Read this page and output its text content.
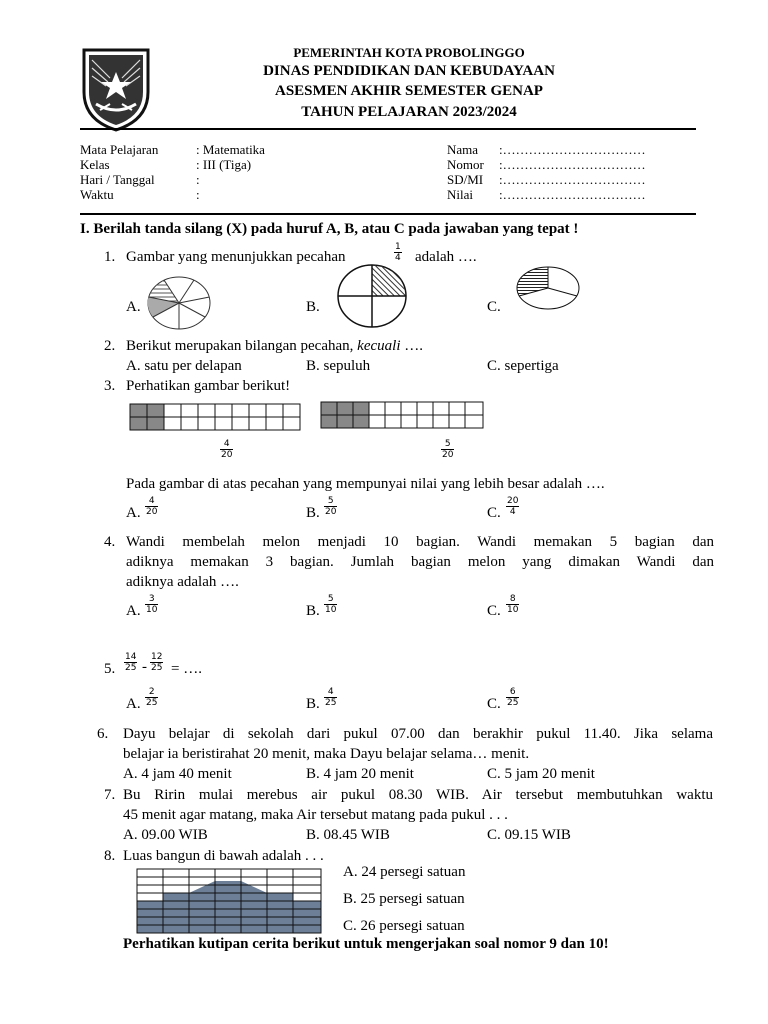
PEMERINTAH KOTA PROBOLINGGO
DINAS PENDIDIKAN DAN KEBUDAYAAN
ASESMEN AKHIR SEMESTER GENAP
TAHUN PELAJARAN 2023/2024
Mata Pelajaran	: Matematika
Kelas	: III (Tiga)
Hari / Tanggal	:
Waktu	:
Nama :……………………………
Nomor :……………………………
SD/MI :……………………………
Nilai :……………………………
I. Berilah tanda silang (X) pada huruf A, B, atau C pada jawaban yang tepat !
1. Gambar yang menunjukkan pecahan	$\frac{1}{4}$ adalah ….
A.	B.	C.
2. Berikut merupakan bilangan pecahan, kecuali ….
A. satu per delapan	B. sepuluh	C. sepertiga
3. Perhatikan gambar berikut!
$\frac{4}{20}$	$\frac{5}{20}$
Pada gambar di atas pecahan yang mempunyai nilai yang lebih besar adalah ….
A. $\frac{4}{20}$	B. $\frac{5}{20}$	C. $\frac{20}{4}$
4. Wandi membelah melon menjadi 10 bagian. Wandi memakan 5 bagian dan
adiknya memakan 3 bagian. Jumlah bagian melon yang dimakan Wandi dan
adiknya adalah ….
A. $\frac{3}{10}$	B. $\frac{5}{10}$	C. $\frac{8}{10}$
5. $\frac{14}{25} - \frac{12}{25}$ = ….
A. $\frac{2}{25}$	B. $\frac{4}{25}$	C. $\frac{6}{25}$
6. Dayu belajar di sekolah dari pukul 07.00 dan berakhir pukul 11.40. Jika selama
belajar ia beristirahat 20 menit, maka Dayu belajar selama… menit.
A. 4 jam 40 menit	B. 4 jam 20 menit	C. 5 jam 20 menit
7. Bu Ririn mulai merebus air pukul 08.30 WIB. Air tersebut membutuhkan waktu
45 menit agar matang, maka Air tersebut matang pada pukul . . .
A. 09.00 WIB	B. 08.45 WIB	C. 09.15 WIB
8. Luas bangun di bawah adalah . . .
A. 24 persegi satuan
B. 25 persegi satuan
C. 26 persegi satuan
Perhatikan kutipan cerita berikut untuk mengerjakan soal nomor 9 dan 10!
